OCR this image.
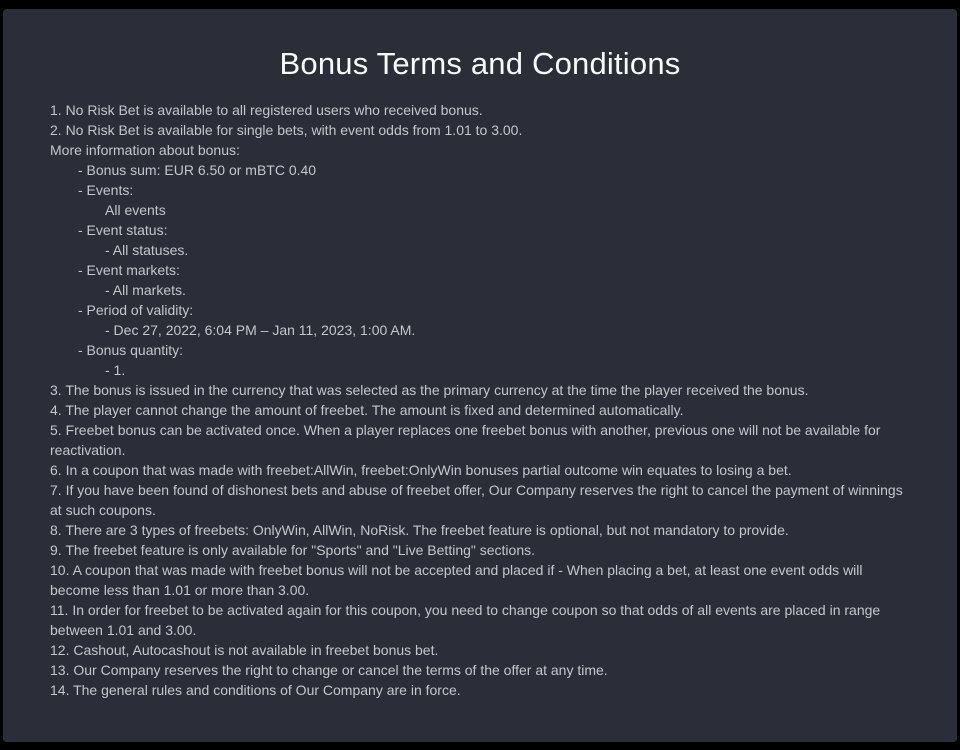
Bonus Terms and Conditions
1. No Risk Bet is available to all registered users who received bonus.
2. No Risk Bet is available for single bets, with event odds from 1.01 to 3.00.
More information about bonus:
- Bonus sum: EUR 6.50 or mBTC 0.40
- Events:
All events
- Event status:
- All statuses.
- Event markets:
- All markets.
- Period of validity:
- Dec 27, 2022, 6:04 PM – Jan 11, 2023, 1:00 AM.
- Bonus quantity:
- 1.
3. The bonus is issued in the currency that was selected as the primary currency at the time the player received the bonus.
4. The player cannot change the amount of freebet. The amount is fixed and determined automatically.
5. Freebet bonus can be activated once. When a player replaces one freebet bonus with another, previous one will not be available for reactivation.
6. In a coupon that was made with freebet:AllWin, freebet:OnlyWin bonuses partial outcome win equates to losing a bet.
7. If you have been found of dishonest bets and abuse of freebet offer, Our Company reserves the right to cancel the payment of winnings at such coupons.
8. There are 3 types of freebets: OnlyWin, AllWin, NoRisk. The freebet feature is optional, but not mandatory to provide.
9. The freebet feature is only available for "Sports" and "Live Betting" sections.
10. A coupon that was made with freebet bonus will not be accepted and placed if - When placing a bet, at least one event odds will become less than 1.01 or more than 3.00.
11. In order for freebet to be activated again for this coupon, you need to change coupon so that odds of all events are placed in range between 1.01 and 3.00.
12. Cashout, Autocashout is not available in freebet bonus bet.
13. Our Company reserves the right to change or cancel the terms of the offer at any time.
14. The general rules and conditions of Our Company are in force.
